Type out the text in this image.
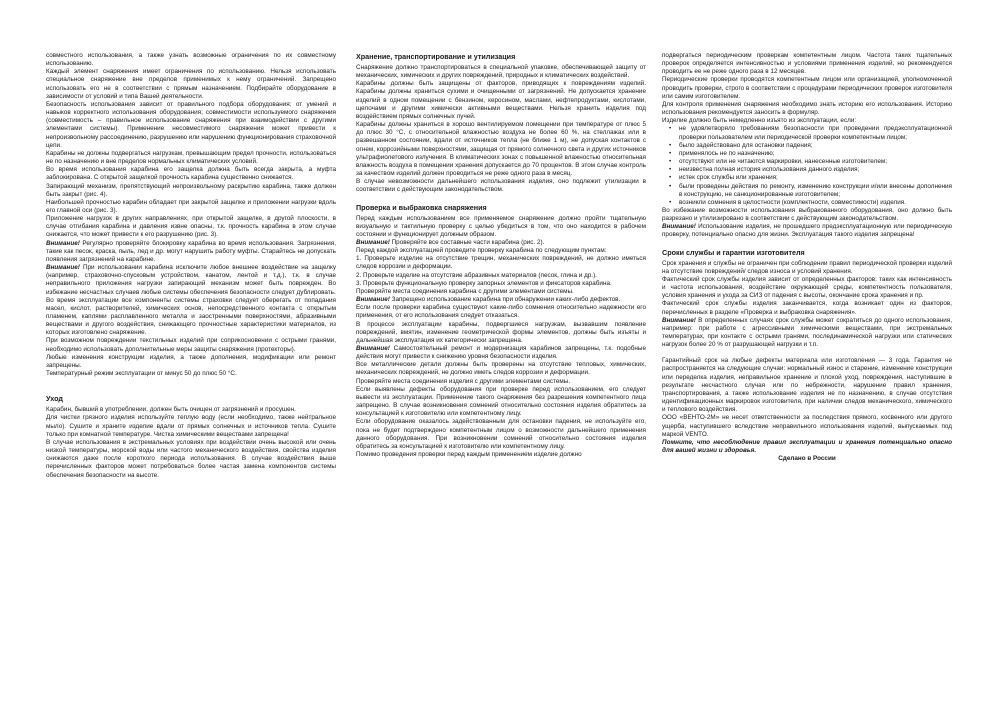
совместного использования, а также узнать возможные ограничения по их совместному использованию.

Каждый элемент снаряжения имеет ограничения по использованию. Нельзя использовать специальное снаряжение вне пределов применимых к нему ограничений. Запрещено использовать его не в соответствии с прямым назначением. Подбирайте оборудование в зависимости от условий и типа Вашей деятельности.

Безопасность использования зависит от правильного подбора оборудования; от умений и навыков корректного использования оборудования; совместимости используемого снаряжения (совместимость – правильное использование снаряжения при взаимодействии с другими элементами системы). Применение несовместимого снаряжения может привести к непроизвольному рассоединению, разрушению или нарушению функционирования страховочной цепи.

Карабины не должны подвергаться нагрузкам, превышающим предел прочности, использоваться не по назначению и вне пределов нормальных климатических условий.

Во время использования карабина его защелка должна быть всегда закрыта, а муфта заблокирована. С открытой защелкой прочность карабина существенно снижается.

Запирающий механизм, препятствующий непроизвольному раскрытию карабина, также должен быть закрыт (рис. 4).

Наибольшей прочностью карабин обладает при закрытой защелке и приложении нагрузки вдоль его главной оси (рис. 3).

Приложение нагрузок в других направлениях, при открытой защелке, в другой плоскости, в случае отгибания карабина и давления извне опасны, т.к. прочность карабина в этом случае снижается, что может привести к его разрушению (рис. 3).

Внимание! Регулярно проверяйте блокировку карабина во время использования. Загрязнения, такие как песок, краска, пыль, лед и др. могут нарушить работу муфты. Старайтесь не допускать появления загрязнений на карабине.

Внимание! При использовании карабина исключите любое внешнее воздействие на защелку (например, страховочно-спусковым устройством, канатом, лентой и т.д.), т.к. в случае неправильного приложения нагрузки запирающий механизм может быть поврежден. Во избежание несчастных случаев любые системы обеспечения безопасности следует дублировать.

Во время эксплуатации все компоненты системы страховки следует оберегать от попадания масел, кислот, растворителей, химических основ, непосредственного контакта с открытым пламенем, каплями расплавленного металла и заостренными поверхностями, абразивными веществами и другого воздействия, снижающего прочностные характеристики материалов, из которых изготовлено снаряжение.

При возможном повреждении текстильных изделий при соприкосновении с острыми гранями, необходимо использовать дополнительные меры защиты снаряжения (протекторы).

Любые изменения конструкции изделия, а также дополнения, модификации или ремонт запрещены.

Температурный режим эксплуатации от минус 50 до плюс 50 °С.

Уход

Карабин, бывший в употреблении, должен быть очищен от загрязнений и просушен.

Для чистки грязного изделия используйте теплую воду (если необходимо, также нейтральное мыло). Сушите и храните изделие вдали от прямых солнечных и источников тепла. Сушите только при комнатной температуре. Чистка химическими веществами запрещена!

В случае использования в экстремальных условиях при воздействии очень высокой или очень низкой температуры, морской воды или частого механического воздействия, свойства изделия снижаются даже после короткого периода использования. В случае воздействия выше перечисленных факторов может потребоваться более частая замена компонентов системы обеспечения безопасности на высоте.

Хранение, транспортирование и утилизация

Снаряжение должно транспортироваться в специальной упаковке, обеспечивающей защиту от механических, химических и других повреждений, природных и климатических воздействий.

Карабины должны быть защищены от факторов, приводящих к повреждениям изделий. Карабины должны храниться сухими и очищенными от загрязнений. Не допускается хранение изделий в одном помещении с бензином, керосином, маслами, нефтепродуктами, кислотами, щелочами и другими химически активными веществами. Нельзя хранить изделия под воздействием прямых солнечных лучей.

Карабины должны храниться в хорошо вентилируемом помещении при температуре от плюс 5 до плюс 30 °С, с относительной влажностью воздуха не более 60 %, на стеллажах или в развешанном состоянии, вдали от источников тепла (не ближе 1 м), не допуская контактов с огнем, коррозийными поверхностями, защищая от прямого солнечного света и других источников ультрафиолетового излучения. В климатических зонах с повышенной влажностью относительная влажность воздуха в помещении хранения допускается до 70 процентов. В этом случае контроль за качеством изделий должен проводиться не реже одного раза в месяц.

В случае невозможности дальнейшего использования изделия, оно подлежит утилизации в соответствии с действующим законодательством.

Проверка и выбраковка снаряжения

Перед каждым использованием все применяемое снаряжение должно пройти тщательную визуальную и тактильную проверку с целью убедиться в том, что оно находится в рабочем состоянии и функционирует должным образом.

Внимание! Проверяйте все составные части карабина (рис. 2).

Перед каждой эксплуатацией проведите проверку карабина по следующим пунктам:

1. Проверьте изделие на отсутствие трещин, механических повреждений, не должно иметься следов коррозии и деформации.

2. Проверьте изделие на отсутствие абразивных материалов (песок, глина и др.).

3. Проверьте функциональную проверку запорных элементов и фиксаторов карабина.

Проверяйте места соединения карабина с другими элементами системы.

Внимание! Запрещено использование карабина при обнаружении каких-либо дефектов.

Если после проверки карабина существуют какие-либо сомнения относительно надежности его применения, от его использования следует отказаться.

В процессе эксплуатации карабины, подвергшиеся нагрузкам, вызвавшим появление повреждений, вмятин, изменение геометрической формы элементов, должны быть изъяты и дальнейшая эксплуатация их категорически запрещена.

Внимание! Самостоятельный ремонт и модернизация карабинов запрещены, т.к. подобные действия могут привести к снижению уровня безопасности изделия.

Все металлические детали должны быть проверены на отсутствие тепловых, химических, механических повреждений, не должно иметь следов коррозии и деформации.

Проверяйте места соединения изделия с другими элементами системы.

Если выявлены дефекты оборудования при проверке перед использованием, его следует вывести из эксплуатации. Применение такого снаряжения без разрешения компетентного лица запрещено. В случае возникновения сомнений относительно состояния изделия обратитесь за консультацией к изготовителю или компетентному лицу.

Если оборудование оказалось задействованным для остановки падения, не используйте его, пока не будет подтверждено компетентным лицом о возможности дальнейшего применения данного оборудования. При возникновении сомнений относительно состояния изделия обратитесь за консультацией к изготовителю или компетентному лицу.

Помимо проведения проверки перед каждым применением изделие должно

подвергаться периодическим проверкам компетентным лицом. Частота таких тщательных проверок определяется интенсивностью и условиями применения изделий, но рекомендуется проводить ее не реже одного раза в 12 месяцев.

Периодические проверки проводятся компетентным лицом или организацией, уполномоченной проводить проверки, строго в соответствии с процедурами периодических проверок изготовителя или самим изготовителем.

Для контроля применения снаряжения необходимо знать историю его использования. Историю использования рекомендуется заносить в формуляр.

Изделие должно быть немедленно изъято из эксплуатации, если:

• не удовлетворяло требованиям безопасности при проведении предэксплуатационной проверки пользователем или периодической проверки компетентным лицом;
• было задействовано для остановки падения;
• применялось не по назначению;
• отсутствуют или не читаются маркировки, нанесенные изготовителем;
• неизвестна полная история использования данного изделия;
• истек срок службы или хранения;
• были проведены действия по ремонту, изменению конструкции и/или внесены дополнения в конструкцию, не санкционированные изготовителем;
• возникли сомнения в целостности (комплектности, совместимости) изделия.

Во избежание возможности использования выбракованного оборудования, оно должно быть разрезано и утилизировано в соответствии с действующим законодательством.

Внимание! Использование изделия, не прошедшего предэксплуатационную или периодическую проверку, потенциально опасно для жизни. Эксплуатация такого изделия запрещена!

Сроки службы и гарантии изготовителя

Срок хранения и службы не ограничен при соблюдении правил периодической проверки изделий на отсутствие повреждений/ следов износа и условий хранения.

Фактический срок службы изделия зависит от определенных факторов: таких как интенсивность и частота использования, воздействие окружающей среды, компетентность пользователя, условия хранения и ухода за СИЗ от падения с высоты, окончание срока хранения и пр.

Фактический срок службы изделия заканчивается, когда возникает один из факторов, перечисленных в разделе «Проверка и выбраковка снаряжения».

Внимание! В определенных случаях срок службы может сократиться до одного использования, например: при работе с агрессивными химическими веществами, при экстремальных температурах, при контакте с острыми гранями, послединамической нагрузки или статических нагрузок более 20 % от разрушающей нагрузки и т.п.

Гарантийный срок на любые дефекты материала или изготовления — 3 года. Гарантия не распространяется на следующие случаи: нормальный износ и старение, изменение конструкции или переделка изделия, неправильное хранение и плохой уход, повреждения, наступившие в результате несчастного случая или по небрежности, нарушение правил хранения, транспортирования, а также использование изделия не по назначению, в случае отсутствия идентификационных маркировок изготовителя, при наличии следов механического, химического и теплового воздействия.

ООО «ВЕНТО-2М» не несет ответственности за последствия прямого, косвенного или другого ущерба, наступившего вследствие неправильного использования изделий, выпускаемых под маркой VENTO.

Помните, что несоблюдение правил эксплуатации и хранения потенциально опасно для вашей жизни и здоровья.

Сделано в России
